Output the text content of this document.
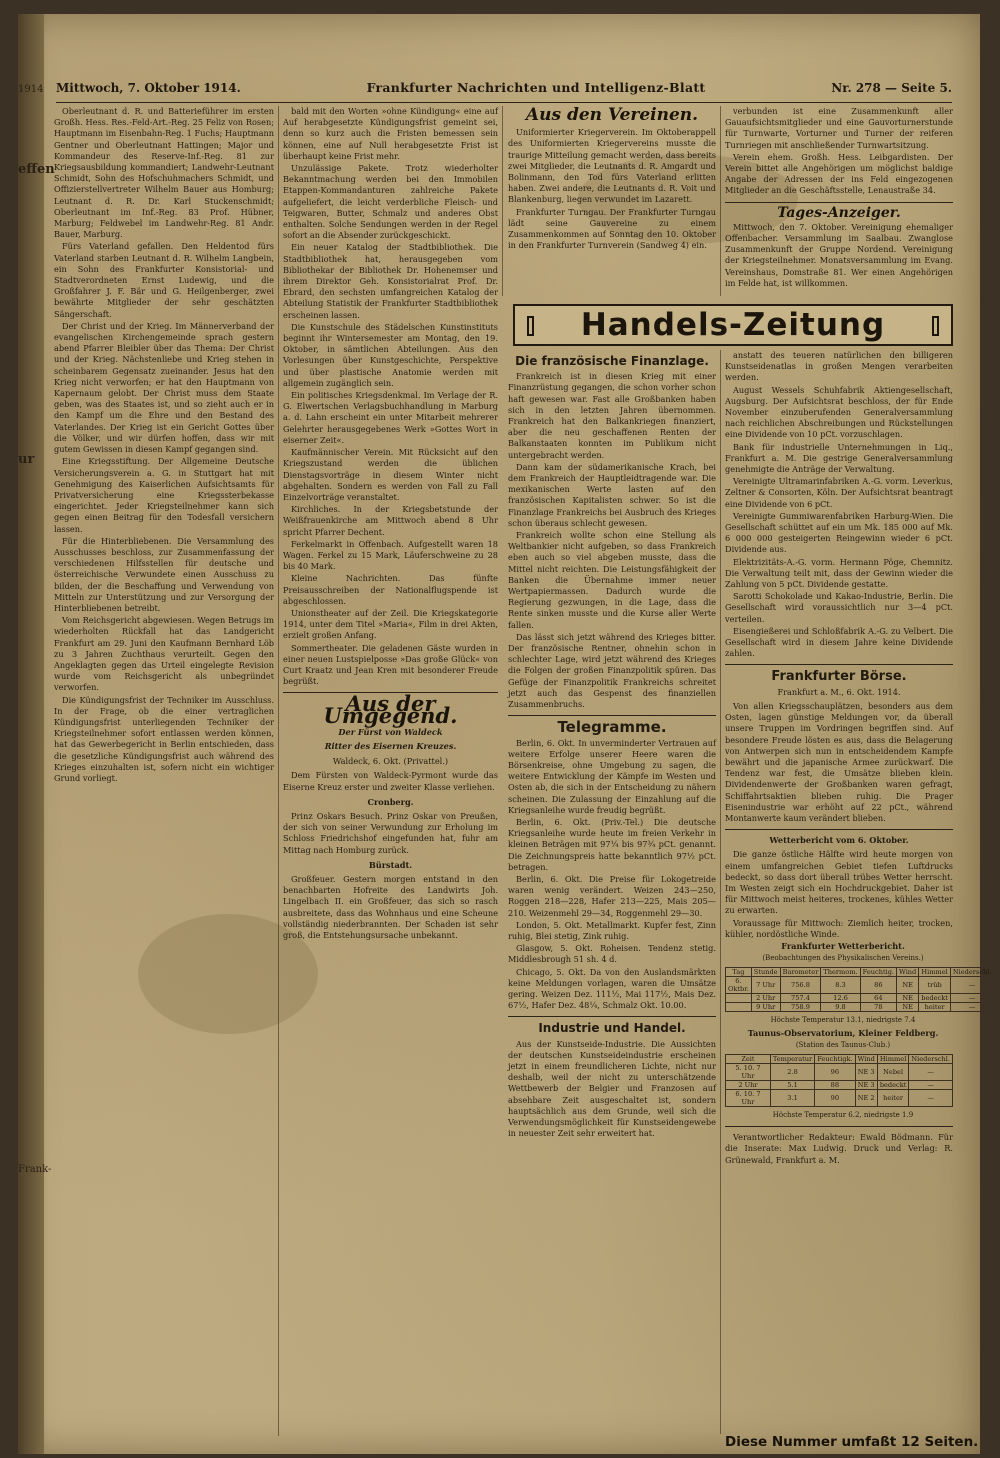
1914
effen
ur
Frank-
Mittwoch, 7. Oktober 1914.	Frankfurter Nachrichten und Intelligenz-Blatt	Nr. 278 — Seite 5.

Oberleutnant d. R. und Batterieführer im ersten Großh. Hess. Res.-Feld-Art.-Reg. 25 Feliz von Rosen; Hauptmann im Eisenbahn-Reg. 1 Fuchs; Hauptmann Gentner und Oberleutnant Hattingen; Major und Kommandeur des Reserve-Inf.-Reg. 81 zur Kriegsausbildung kommandiert; Landwehr-Leutnant Schmidt, Sohn des Hofschuhmachers Schmidt, und Offizierstellvertreter Wilhelm Bauer aus Homburg; Leutnant d. R. Dr. Karl Stuckenschmidt; Oberleutnant im Inf.-Reg. 83 Prof. Hübner, Marburg; Feldwebel im Landwehr-Reg. 81 Andr. Bauer, Marburg.

Fürs Vaterland gefallen. Den Heldentod fürs Vaterland starben Leutnant d. R. Wilhelm Langbein, ein Sohn des Frankfurter Konsistorial- und Stadtverordneten Ernst Ludewig, und die Großfahrer J. F. Bär und G. Heilgenberger, zwei bewährte Mitglieder der sehr geschätzten Sängerschaft.

Der Christ und der Krieg. Im Männerverband der evangelischen Kirchengemeinde sprach gestern abend Pfarrer Bleibler über das Thema: Der Christ und der Krieg. Nächstenliebe und Krieg stehen in scheinbarem Gegensatz zueinander. Jesus hat den Krieg nicht verworfen; er hat den Hauptmann von Kapernaum gelobt. Der Christ muss dem Staate geben, was des Staates ist, und so zieht auch er in den Kampf um die Ehre und den Bestand des Vaterlandes. Der Krieg ist ein Gericht Gottes über die Völker, und wir dürfen hoffen, dass wir mit gutem Gewissen in diesen Kampf gegangen sind.

Eine Kriegsstiftung. Der Allgemeine Deutsche Versicherungsverein a. G. in Stuttgart hat mit Genehmigung des Kaiserlichen Aufsichtsamts für Privatversicherung eine Kriegssterbekasse eingerichtet. Jeder Kriegsteilnehmer kann sich gegen einen Beitrag für den Todesfall versichern lassen.

Für die Hinterbliebenen. Die Versammlung des Ausschusses beschloss, zur Zusammenfassung der verschiedenen Hilfsstellen für deutsche und österreichische Verwundete einen Ausschuss zu bilden, der die Beschaffung und Verwendung von Mitteln zur Unterstützung und zur Versorgung der Hinterbliebenen betreibt.

Vom Reichsgericht abgewiesen. Wegen Betrugs im wiederholten Rückfall hat das Landgericht Frankfurt am 29. Juni den Kaufmann Bernhard Löb zu 3 Jahren Zuchthaus verurteilt. Gegen den Angeklagten gegen das Urteil eingelegte Revision wurde vom Reichsgericht als unbegründet verworfen.

Die Kündigungsfrist der Techniker im Ausschluss. In der Frage, ob die einer vertraglichen Kündigungsfrist unterliegenden Techniker der Kriegsteilnehmer sofort entlassen werden können, hat das Gewerbegericht in Berlin entschieden, dass die gesetzliche Kündigungsfrist auch während des Krieges einzuhalten ist, sofern nicht ein wichtiger Grund vorliegt.

bald mit den Worten »ohne Kündigung« eine auf Auf herabgesetzte Kündigungsfrist gemeint sei, denn so kurz auch die Fristen bemessen sein können, eine auf Null herabgesetzte Frist ist überhaupt keine Frist mehr.

Unzulässige Pakete. Trotz wiederholter Bekanntmachung werden bei den Immobilen Etappen-Kommandanturen zahlreiche Pakete aufgeliefert, die leicht verderbliche Fleisch- und Teigwaren, Butter, Schmalz und anderes Obst enthalten. Solche Sendungen werden in der Regel sofort an die Absender zurückgeschickt.

Ein neuer Katalog der Stadtbibliothek. Die Stadtbibliothek hat, herausgegeben vom Bibliothekar der Bibliothek Dr. Hohenemser und ihrem Direktor Geh. Konsistorialrat Prof. Dr. Ebrard, den sechsten umfangreichen Katalog der Abteilung Statistik der Frankfurter Stadtbibliothek erscheinen lassen.

Die Kunstschule des Städelschen Kunstinstituts beginnt ihr Wintersemester am Montag, den 19. Oktober, in sämtlichen Abteilungen. Aus den Vorlesungen über Kunstgeschichte, Perspektive und über plastische Anatomie werden mit allgemein zugänglich sein.

Ein politisches Kriegsdenkmal. Im Verlage der R. G. Elwertschen Verlagsbuchhandlung in Marburg a. d. Lahn erscheint ein unter Mitarbeit mehrerer Gelehrter herausgegebenes Werk »Gottes Wort in eiserner Zeit«.

Kaufmännischer Verein. Mit Rücksicht auf den Kriegszustand werden die üblichen Dienstagsvorträge in diesem Winter nicht abgehalten. Sondern es werden von Fall zu Fall Einzelvorträge veranstaltet.

Kirchliches. In der Kriegsbetstunde der Weißfrauenkirche am Mittwoch abend 8 Uhr spricht Pfarrer Dechent.

Ferkelmarkt in Offenbach. Aufgestellt waren 18 Wagen. Ferkel zu 15 Mark, Läuferschweine zu 28 bis 40 Mark.

Kleine Nachrichten. Das fünfte Preisausschreiben der Nationalflugspende ist abgeschlossen.

Unionstheater auf der Zeil. Die Kriegskategorie 1914, unter dem Titel »Maria«, Film in drei Akten, erzielt großen Anfang.

Sommertheater. Die geladenen Gäste wurden in einer neuen Lustspielposse »Das große Glück« von Curt Kraatz und Jean Kren mit besonderer Freude begrüßt.

Aus der Umgegend.

Der Fürst von Waldeck

Ritter des Eisernen Kreuzes.

Waldeck, 6. Okt. (Privattel.)

Dem Fürsten von Waldeck-Pyrmont wurde das Eiserne Kreuz erster und zweiter Klasse verliehen.

Cronberg.

Prinz Oskars Besuch. Prinz Oskar von Preußen, der sich von seiner Verwundung zur Erholung im Schloss Friedrichshof eingefunden hat, fuhr am Mittag nach Homburg zurück.

Bürstadt.

Großfeuer. Gestern morgen entstand in den benachbarten Hofreite des Landwirts Joh. Lingelbach II. ein Großfeuer, das sich so rasch ausbreitete, dass das Wohnhaus und eine Scheune vollständig niederbrannten. Der Schaden ist sehr groß, die Entstehungsursache unbekannt.

Aus den Vereinen.

Uniformierter Kriegerverein. Im Oktoberappell des Uniformierten Kriegervereins musste die traurige Mitteilung gemacht werden, dass bereits zwei Mitglieder, die Leutnants d. R. Amgardt und Bolinmann, den Tod fürs Vaterland erlitten haben. Zwei andere, die Leutnants d. R. Voit und Blankenburg, liegen verwundet im Lazarett.

Frankfurter Turngau. Der Frankfurter Turngau lädt seine Gauvereine zu einem Zusammenkommen auf Sonntag den 10. Oktober in den Frankfurter Turnverein (Sandweg 4) ein.

verbunden ist eine Zusammenkunft aller Gauaufsichtsmitglieder und eine Gauvorturnerstunde für Turnwarte, Vorturner und Turner der reiferen Turnriegen mit anschließender Turnwartsitzung.

Verein ehem. Großh. Hess. Leibgardisten. Der Verein bittet alle Angehörigen um möglichst baldige Angabe der Adressen der ins Feld eingezogenen Mitglieder an die Geschäftsstelle, Lenaustraße 34.

Tages-Anzeiger.

Mittwoch, den 7. Oktober. Vereinigung ehemaliger Offenbacher. Versammlung im Saalbau. Zwanglose Zusammenkunft der Gruppe Nordend. Vereinigung der Kriegsteilnehmer. Monatsversammlung im Evang. Vereinshaus, Domstraße 81. Wer einen Angehörigen im Felde hat, ist willkommen.

Handels-Zeitung
Die französische Finanzlage.

Frankreich ist in diesen Krieg mit einer Finanzrüstung gegangen, die schon vorher schon haft gewesen war. Fast alle Großbanken haben sich in den letzten Jahren übernommen. Frankreich hat den Balkankriegen finanziert, aber die neu geschaffenen Renten der Balkanstaaten konnten im Publikum nicht untergebracht werden.

Dann kam der südamerikanische Krach, bei dem Frankreich der Hauptleidtragende war. Die mexikanischen Werte lasten auf den französischen Kapitalisten schwer. So ist die Finanzlage Frankreichs bei Ausbruch des Krieges schon überaus schlecht gewesen.

Frankreich wollte schon eine Stellung als Weltbankier nicht aufgeben, so dass Frankreich eben auch so viel abgeben musste, dass die Mittel nicht reichten. Die Leistungsfähigkeit der Banken die Übernahme immer neuer Wertpapiermassen. Dadurch wurde die Regierung gezwungen, in die Lage, dass die Rente sinken musste und die Kurse aller Werte fallen.

Das lässt sich jetzt während des Krieges bitter. Der französische Rentner, ohnehin schon in schlechter Lage, wird jetzt während des Krieges die Folgen der großen Finanzpolitik spüren. Das Gefüge der Finanzpolitik Frankreichs schreitet jetzt auch das Gespenst des finanziellen Zusammenbruchs.

Telegramme.

Berlin, 6. Okt. In unverminderter Vertrauen auf weitere Erfolge unserer Heere waren die Börsenkreise, ohne Umgebung zu sagen, die weitere Entwicklung der Kämpfe im Westen und Osten ab, die sich in der Entscheidung zu nähern scheinen. Die Zulassung der Einzahlung auf die Kriegsanleihe wurde freudig begrüßt.

Berlin, 6. Okt. (Priv.-Tel.) Die deutsche Kriegsanleihe wurde heute im freien Verkehr in kleinen Beträgen mit 97¼ bis 97¾ pCt. genannt. Die Zeichnungspreis hatte bekanntlich 97½ pCt. betragen.

Berlin, 6. Okt. Die Preise für Lokogetreide waren wenig verändert. Weizen 243—250, Roggen 218—228, Hafer 213—225, Mais 205—210. Weizenmehl 29—34, Roggenmehl 29—30.

London, 5. Okt. Metallmarkt. Kupfer fest, Zinn ruhig, Blei stetig, Zink ruhig.

Glasgow, 5. Okt. Roheisen. Tendenz stetig. Middlesbrough 51 sh. 4 d.

Chicago, 5. Okt. Da von den Auslandsmärkten keine Meldungen vorlagen, waren die Umsätze gering. Weizen Dez. 111½, Mai 117½, Mais Dez. 67½, Hafer Dez. 48¼, Schmalz Okt. 10.00.

Industrie und Handel.

Aus der Kunstseide-Industrie. Die Aussichten der deutschen Kunstseideindustrie erscheinen jetzt in einem freundlicheren Lichte, nicht nur deshalb, weil der nicht zu unterschätzende Wettbewerb der Belgier und Franzosen auf absehbare Zeit ausgeschaltet ist, sondern hauptsächlich aus dem Grunde, weil sich die Verwendungsmöglichkeit für Kunstseidengewebe in neuester Zeit sehr erweitert hat.

anstatt des teueren natürlichen den billigeren Kunstseidenatlas in großen Mengen verarbeiten werden.

August Wessels Schuhfabrik Aktiengesellschaft, Augsburg. Der Aufsichtsrat beschloss, der für Ende November einzuberufenden Generalversammlung nach reichlichen Abschreibungen und Rückstellungen eine Dividende von 10 pCt. vorzuschlagen.

Bank für industrielle Unternehmungen in Liq., Frankfurt a. M. Die gestrige Generalversammlung genehmigte die Anträge der Verwaltung.

Vereinigte Ultramarinfabriken A.-G. vorm. Leverkus, Zeltner & Consorten, Köln. Der Aufsichtsrat beantragt eine Dividende von 6 pCt.

Vereinigte Gummiwarenfabriken Harburg-Wien. Die Gesellschaft schüttet auf ein um Mk. 185 000 auf Mk. 6 000 000 gesteigerten Reingewinn wieder 6 pCt. Dividende aus.

Elektrizitäts-A.-G. vorm. Hermann Pöge, Chemnitz. Die Verwaltung teilt mit, dass der Gewinn wieder die Zahlung von 5 pCt. Dividende gestatte.

Sarotti Schokolade und Kakao-Industrie, Berlin. Die Gesellschaft wird voraussichtlich nur 3—4 pCt. verteilen.

Eisengießerei und Schloßfabrik A.-G. zu Velbert. Die Gesellschaft wird in diesem Jahre keine Dividende zahlen.

Frankfurter Börse.

Frankfurt a. M., 6. Okt. 1914.

Von allen Kriegsschauplätzen, besonders aus dem Osten, lagen günstige Meldungen vor, da überall unsere Truppen im Vordringen begriffen sind. Auf besondere Freude lösten es aus, dass die Belagerung von Antwerpen sich nun in entscheidendem Kampfe bewährt und die japanische Armee zurückwarf. Die Tendenz war fest, die Umsätze blieben klein. Dividendenwerte der Großbanken waren gefragt, Schiffahrtsaktien blieben ruhig. Die Prager Eisenindustrie war erhöht auf 22 pCt., während Montanwerte kaum verändert blieben.

Wetterbericht vom 6. Oktober.

Die ganze östliche Hälfte wird heute morgen von einem umfangreichen Gebiet tiefen Luftdrucks bedeckt, so dass dort überall trübes Wetter herrscht. Im Westen zeigt sich ein Hochdruckgebiet. Daher ist für Mittwoch meist heiteres, trockenes, kühles Wetter zu erwarten.

Voraussage für Mittwoch: Ziemlich heiter, trocken, kühler, nordöstliche Winde.

Frankfurter Wetterbericht.

(Beobachtungen des Physikalischen Vereins.)

Tag	Stunde	Barometer	Thermom.	Feuchtig.	Wind	Himmel	Niederschl.
6. Oktbr.	7 Uhr	756.8	8.3	86	NE	trüb	—
	2 Uhr	757.4	12.6	64	NE	bedeckt	—
	9 Uhr	758.9	9.8	78	NE	heiter	—

Höchste Temperatur 13.1, niedrigste 7.4

Taunus-Observatorium, Kleiner Feldberg.

(Station des Taunus-Club.)

Zeit	Temperatur	Feuchtigk.	Wind	Himmel	Niederschl.
5. 10. 7 Uhr	2.8	96	NE 3	Nebel	—
2 Uhr	5.1	88	NE 3	bedeckt	—
6. 10. 7 Uhr	3.1	90	NE 2	heiter	—

Höchste Temperatur 6.2, niedrigste 1.9

Verantwortlicher Redakteur: Ewald Bödmann. Für die Inserate: Max Ludwig. Druck und Verlag: R. Grünewald, Frankfurt a. M.

Diese Nummer umfaßt 12 Seiten.
